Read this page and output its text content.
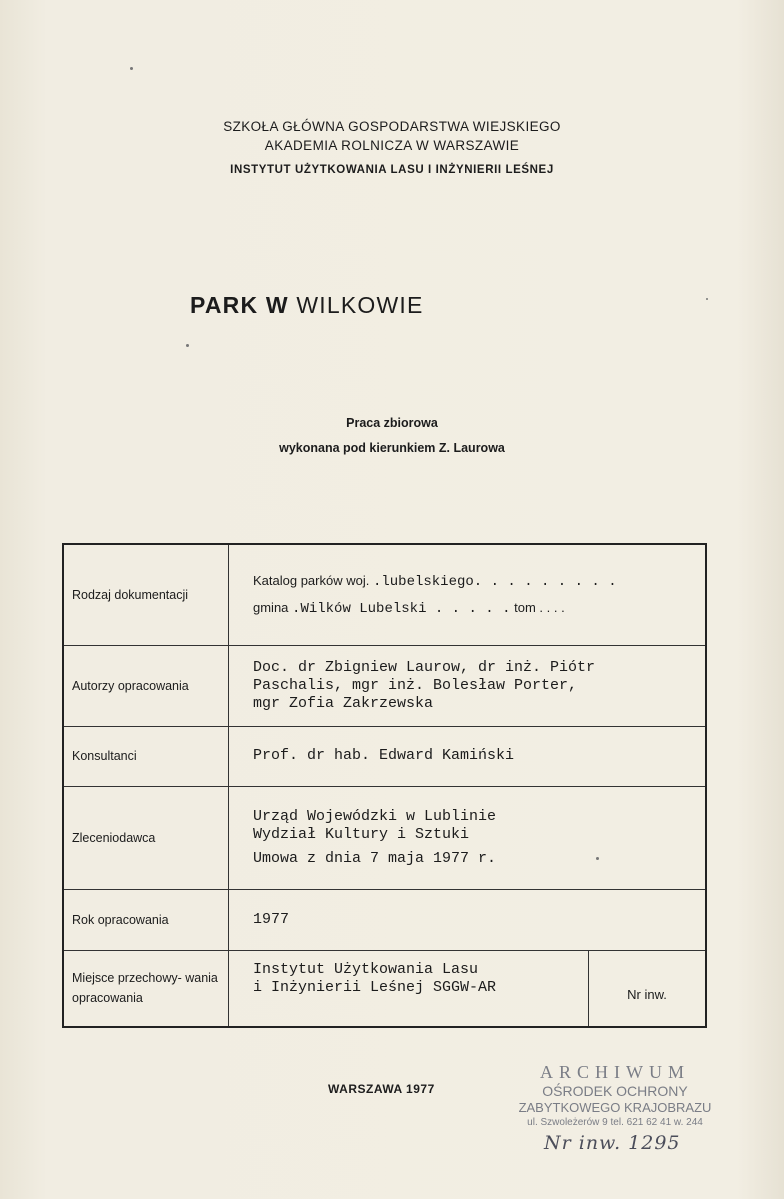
SZKOŁA GŁÓWNA GOSPODARSTWA WIEJSKIEGO
AKADEMIA ROLNICZA W WARSZAWIE
INSTYTUT UŻYTKOWANIA LASU I INŻYNIERII LEŚNEJ
PARK W WILKOWIE
Praca zbiorowa
wykonana pod kierunkiem Z. Laurowa
Rodzaj dokumentacji	Katalog parków woj. .lubelskiego. . . . . . . . .
gmina .Wilków Lubelski . . . . . tom . . . .	

Autorzy opracowania	Doc. dr Zbigniew Laurow, dr inż. Piótr
Paschalis, mgr inż. Bolesław Porter,
mgr Zofia Zakrzewska	

Konsultanci	Prof. dr hab. Edward Kamiński	
Zleceniodawca	Urząd Wojewódzki w Lublinie
Wydział Kultury i Sztuki
Umowa z dnia 7 maja 1977 r.	

Rok opracowania	1977	
Miejsce przechowy- wania opracowania	Instytut Użytkowania Lasu
i Inżynierii Leśnej SGGW-AR	Nr inw.
WARSZAWA 1977
ARCHIWUM
OŚRODEK OCHRONY
ZABYTKOWEGO KRAJOBRAZU
ul. Szwoleżerów 9 tel. 621 62 41 w. 244
Nr inw. 1295
